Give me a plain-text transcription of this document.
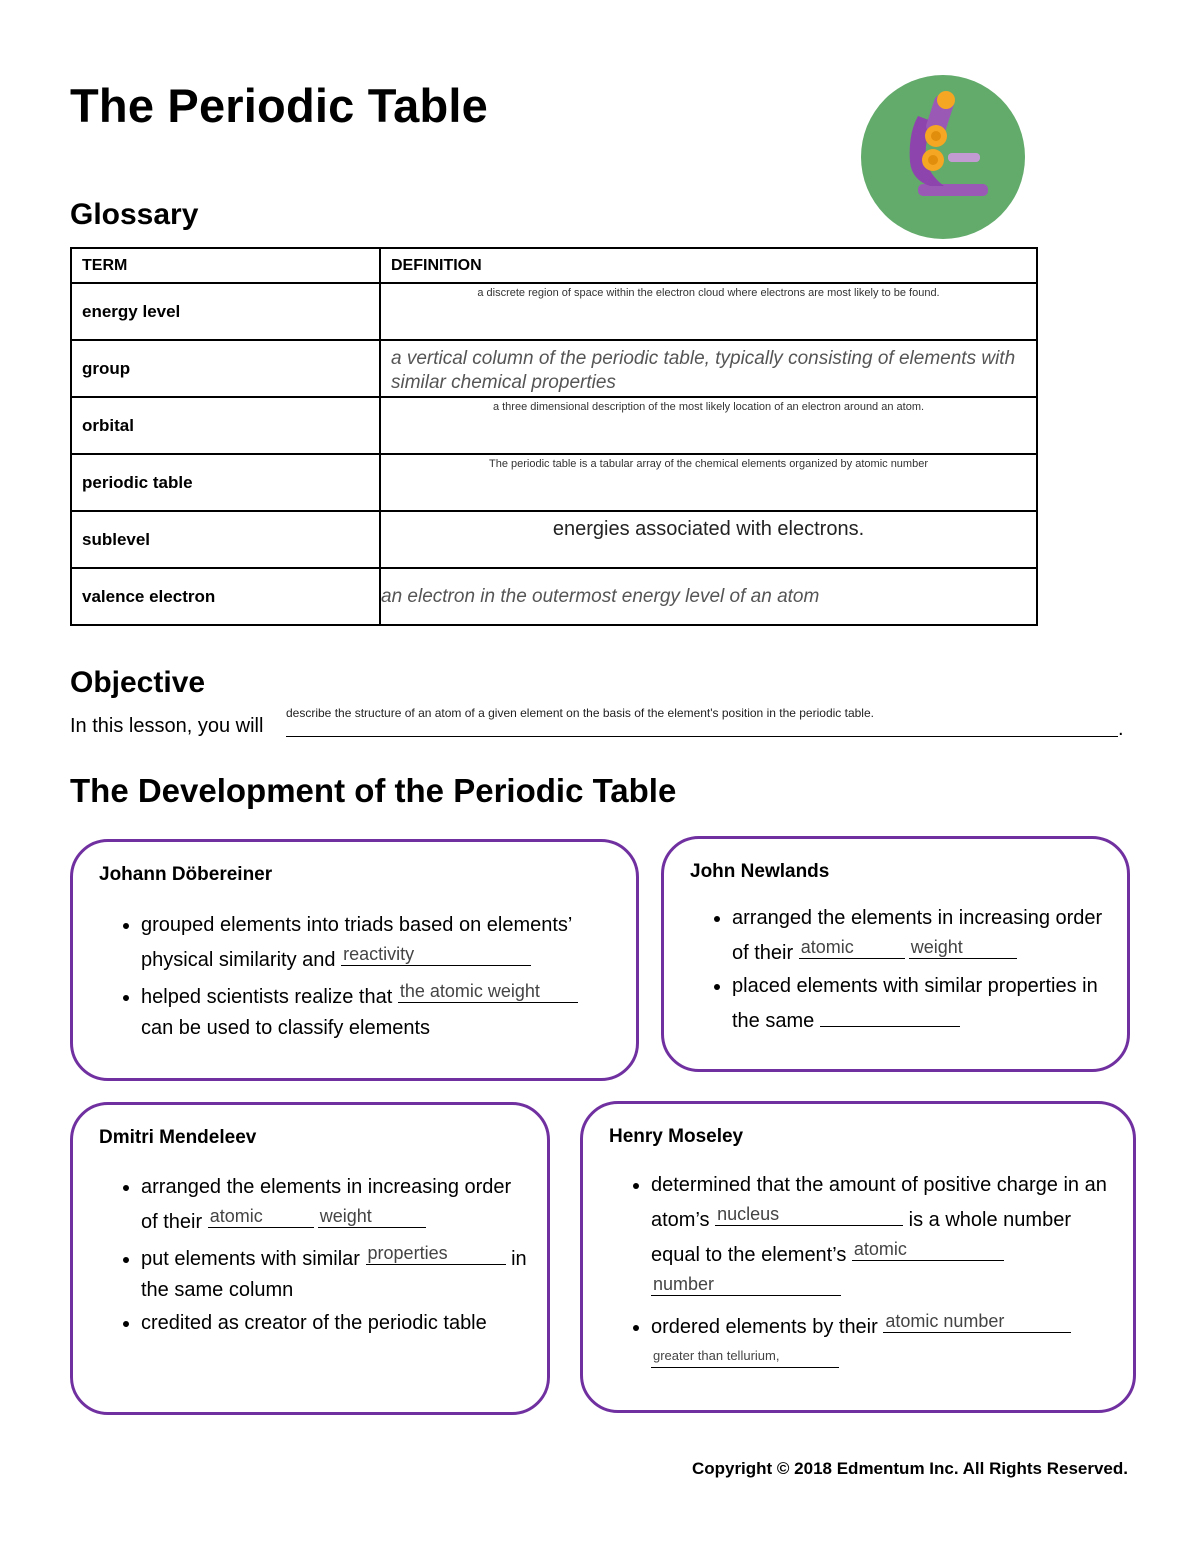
The Periodic Table
Glossary
TERM	DEFINITION
energy level	a discrete region of space within the electron cloud where electrons are most likely to be found.

group	a vertical column of the periodic table, typically consisting of elements with similar chemical properties

orbital	a three dimensional description of the most likely location of an electron around an atom.

periodic table	The periodic table is a tabular array of the chemical elements organized by atomic number

sublevel	energies associated with electrons.

valence electron	an electron in the outermost energy level of an atom
Objective
In this lesson, you will
describe the structure of an atom of a given element on the basis of the element's position in the periodic table.
.
The Development of the Periodic Table
Johann Döbereiner
• grouped elements into triads based on elements’ physical similarity and reactivity
• helped scientists realize that the atomic weight
can be used to classify elements
John Newlands
• arranged the elements in increasing order of their atomic	weight
• placed elements with similar properties in the same
Dmitri Mendeleev
• arranged the elements in increasing order of their atomic	weight
• put elements with similar properties	in the same column
• credited as creator of the periodic table
Henry Moseley
• determined that the amount of positive charge in an atom’s nucleus	is a whole number equal to the element’s atomic
number
• ordered elements by their atomic number

greater than tellurium,
Copyright © 2018 Edmentum Inc. All Rights Reserved.
